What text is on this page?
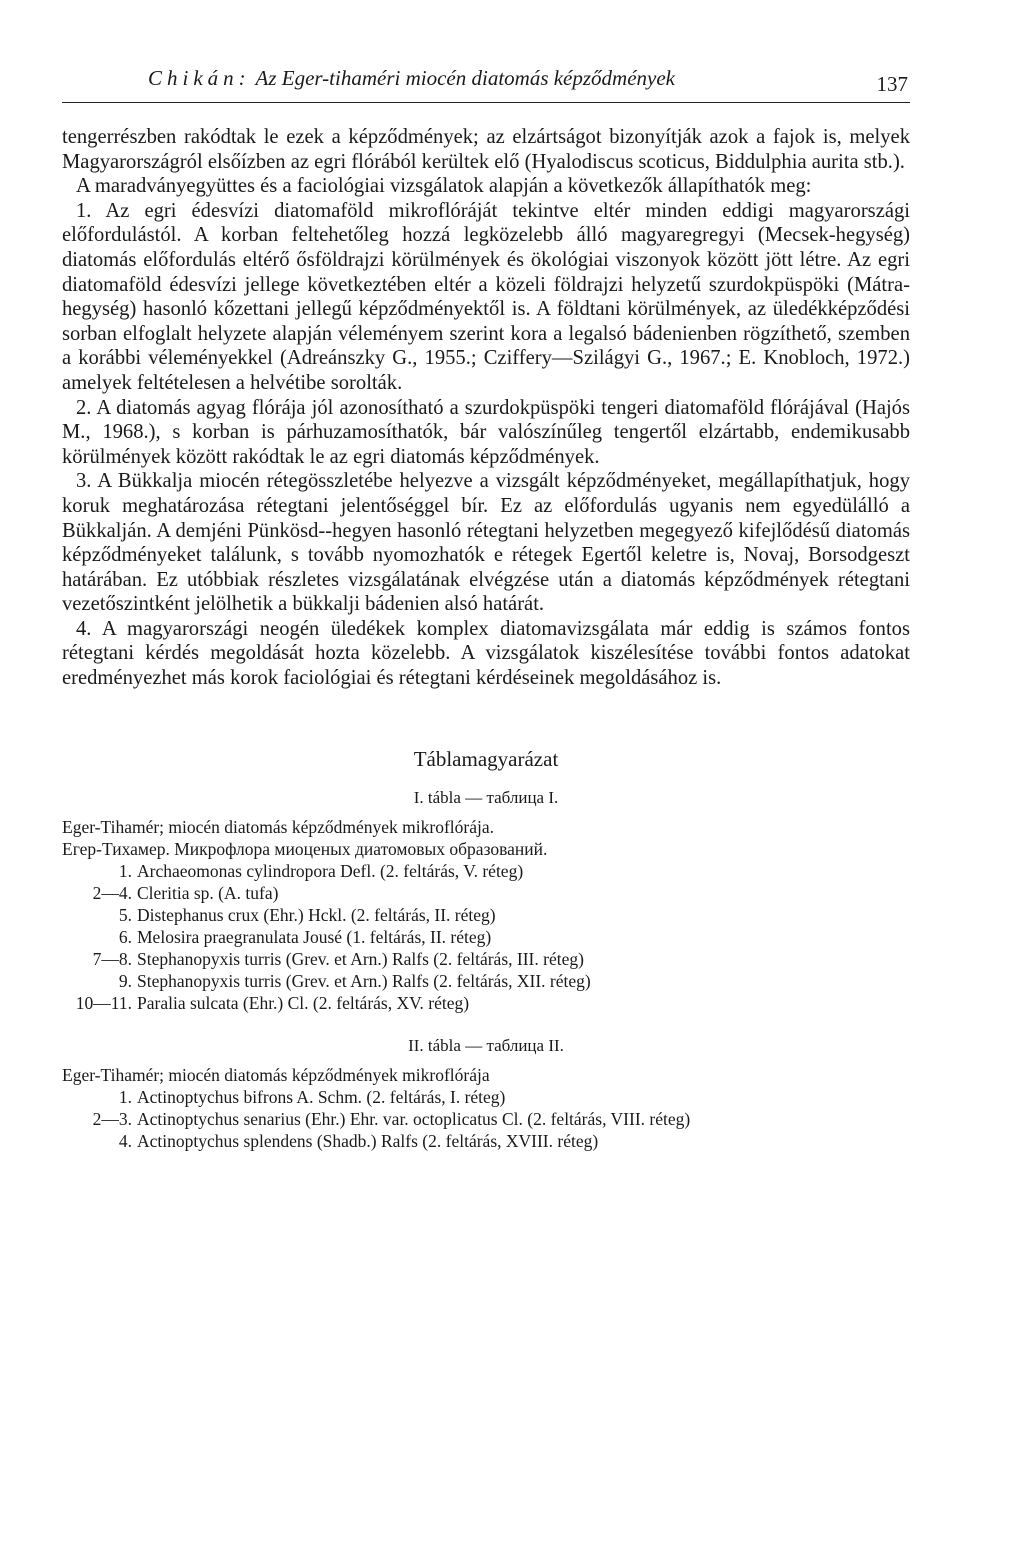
Chikán: Az Eger-tihaméri miocén diatomás képződmények	137

tengerrészben rakódtak le ezek a képződmények; az elzártságot bizonyítják azok a fajok is, melyek Magyarországról elsőízben az egri flórából kerültek elő (Hyalodiscus scoticus, Biddulphia aurita stb.).

A maradványegyüttes és a faciológiai vizsgálatok alapján a következők állapíthatók meg:

1. Az egri édesvízi diatomaföld mikroflóráját tekintve eltér minden eddigi magyarországi előfordulástól. A korban feltehetőleg hozzá legközelebb álló magyaregregyi (Mecsek-hegység) diatomás előfordulás eltérő ősföldrajzi körülmények és ökológiai viszonyok között jött létre. Az egri diatomaföld édesvízi jellege következtében eltér a közeli földrajzi helyzetű szurdokpüspöki (Mátra-hegység) hasonló kőzettani jellegű képződményektől is. A földtani körülmények, az üledékképződési sorban elfoglalt helyzete alapján véleményem szerint kora a legalsó bádenienben rögzíthető, szemben a korábbi véleményekkel (Adreánszky G., 1955.; Cziffery—Szilágyi G., 1967.; E. Knobloch, 1972.) amelyek feltételesen a helvétibe sorolták.

2. A diatomás agyag flórája jól azonosítható a szurdokpüspöki tengeri diatomaföld flórájával (Hajós M., 1968.), s korban is párhuzamosíthatók, bár valószínűleg tengertől elzártabb, endemikusabb körülmények között rakódtak le az egri diatomás képződmények.

3. A Bükkalja miocén rétegösszletébe helyezve a vizsgált képződményeket, megállapíthatjuk, hogy koruk meghatározása rétegtani jelentőséggel bír. Ez az előfordulás ugyanis nem egyedülálló a Bükkalján. A demjéni Pünkösd--hegyen hasonló rétegtani helyzetben megegyező kifejlődésű diatomás képződményeket találunk, s tovább nyomozhatók e rétegek Egertől keletre is, Novaj, Borsodgeszt határában. Ez utóbbiak részletes vizsgálatának elvégzése után a diatomás képződmények rétegtani vezetőszintként jelölhetik a bükkalji bádenien alsó határát.

4. A magyarországi neogén üledékek komplex diatomavizsgálata már eddig is számos fontos rétegtani kérdés megoldását hozta közelebb. A vizsgálatok kiszélesítése további fontos adatokat eredményezhet más korok faciológiai és rétegtani kérdéseinek megoldásához is.

Táblamagyarázat
I. tábla — таблица I.
Eger-Tihamér; miocén diatomás képződmények mikroflórája.
Егер-Тихамер. Микрофлора миоценых диатомовых образований.
1. Archaeomonas cylindropora Defl. (2. feltárás, V. réteg)
2—4. Cleritia sp. (A. tufa)
5. Distephanus crux (Ehr.) Hckl. (2. feltárás, II. réteg)
6. Melosira praegranulata Jousé (1. feltárás, II. réteg)
7—8. Stephanopyxis turris (Grev. et Arn.) Ralfs (2. feltárás, III. réteg)
9. Stephanopyxis turris (Grev. et Arn.) Ralfs (2. feltárás, XII. réteg)
10—11. Paralia sulcata (Ehr.) Cl. (2. feltárás, XV. réteg)
II. tábla — таблица II.
Eger-Tihamér; miocén diatomás képződmények mikroflórája
1. Actinoptychus bifrons A. Schm. (2. feltárás, I. réteg)
2—3. Actinoptychus senarius (Ehr.) Ehr. var. octoplicatus Cl. (2. feltárás, VIII. réteg)
4. Actinoptychus splendens (Shadb.) Ralfs (2. feltárás, XVIII. réteg)
